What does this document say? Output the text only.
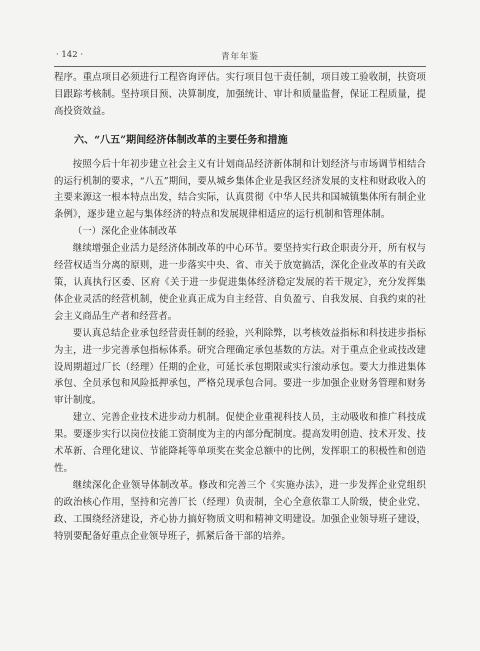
· 142 ·	青年年鉴

程序。重点项目必须进行工程咨询评估。实行项目包干责任制，项目竣工验收制，扶资项目跟踪考核制。坚持项目预、决算制度，加强统计、审计和质量监督，保证工程质量，提高投资效益。

六、“八五”期间经济体制改革的主要任务和措施

按照今后十年初步建立社会主义有计划商品经济新体制和计划经济与市场调节相结合的运行机制的要求，“八五”期间，要从城乡集体企业是我区经济发展的支柱和财政收入的主要来源这一根本特点出发，结合实际，认真贯彻《中华人民共和国城镇集体所有制企业条例》，逐步建立起与集体经济的特点和发展规律相适应的运行机制和管理体制。

（一）深化企业体制改革

继续增强企业活力是经济体制改革的中心环节。要坚持实行政企职责分开，所有权与经营权适当分离的原则，进一步落实中央、省、市关于放宽搞活，深化企业改革的有关政策，认真执行区委、区府《关于进一步促进集体经济稳定发展的若干规定》，充分发挥集体企业灵活的经营机制，使企业真正成为自主经营、自负盈亏、自我发展、自我约束的社会主义商品生产者和经营者。

要认真总结企业承包经营责任制的经验，兴利除弊，以考核效益指标和科技进步指标为主，进一步完善承包指标体系。研究合理确定承包基数的方法。对于重点企业或技改建设周期超过厂长（经理）任期的企业，可延长承包期限或实行滚动承包。要大力推进集体承包、全员承包和风险抵押承包，严格兑现承包合同。要进一步加强企业财务管理和财务审计制度。

建立、完善企业技术进步动力机制。促使企业重视科技人员，主动吸收和推广科技成果。要逐步实行以岗位技能工资制度为主的内部分配制度。提高发明创造、技术开发、技术革新、合理化建议、节能降耗等单项奖在奖金总额中的比例，发挥职工的积极性和创造性。

继续深化企业领导体制改革。修改和完善三个《实施办法》，进一步发挥企业党组织的政治核心作用，坚持和完善厂长（经理）负责制，全心全意依靠工人阶级，使企业党、政、工围绕经济建设，齐心协力搞好物质文明和精神文明建设。加强企业领导班子建设，特别要配备好重点企业领导班子，抓紧后备干部的培养。
